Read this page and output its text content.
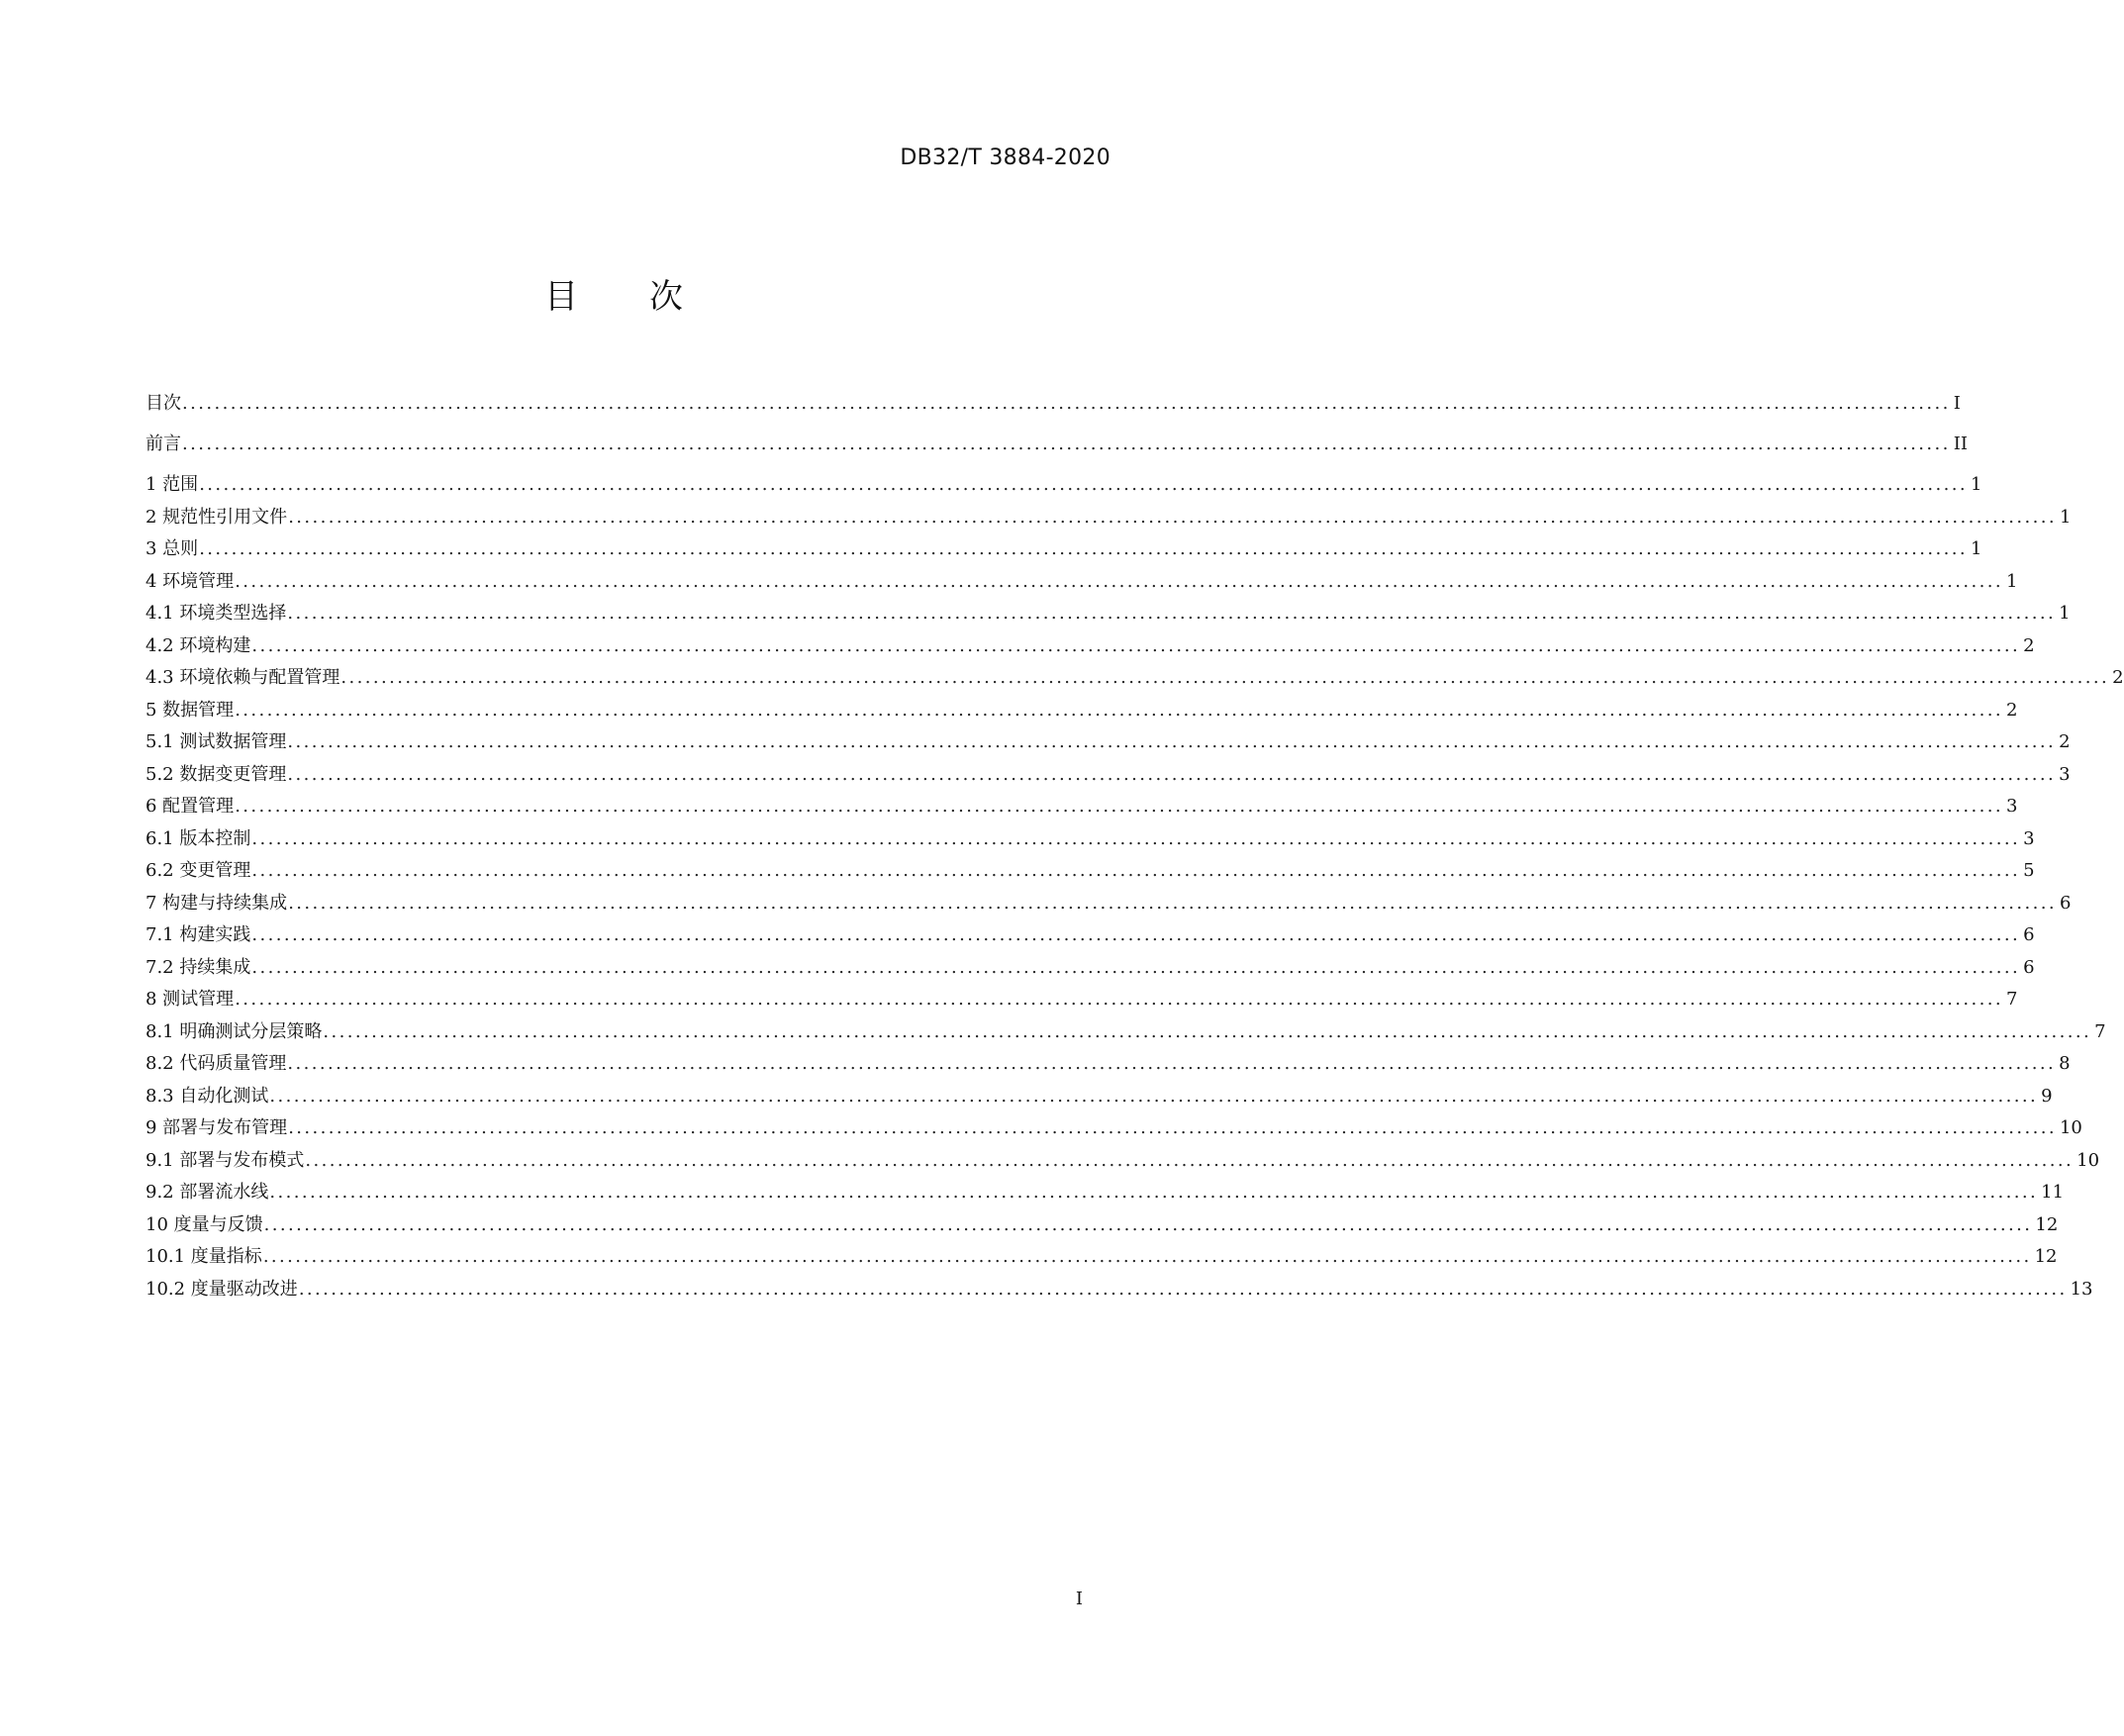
DB32/T 3884-2020
目 次
目次 ............................................................................................................................................................................................................................ I
前言 ............................................................................................................................................................................................................................ II
1 范围 ............................................................................................................................................................................................................................ 1
2 规范性引用文件 ............................................................................................................................................................................................................................ 1
3 总则 ............................................................................................................................................................................................................................ 1
4 环境管理 ............................................................................................................................................................................................................................ 1
4.1 环境类型选择 ............................................................................................................................................................................................................................ 1
4.2 环境构建 ............................................................................................................................................................................................................................ 2
4.3 环境依赖与配置管理 ............................................................................................................................................................................................................................ 2
5 数据管理 ............................................................................................................................................................................................................................ 2
5.1 测试数据管理 ............................................................................................................................................................................................................................ 2
5.2 数据变更管理 ............................................................................................................................................................................................................................ 3
6 配置管理 ............................................................................................................................................................................................................................ 3
6.1 版本控制 ............................................................................................................................................................................................................................ 3
6.2 变更管理 ............................................................................................................................................................................................................................ 5
7 构建与持续集成 ............................................................................................................................................................................................................................ 6
7.1 构建实践 ............................................................................................................................................................................................................................ 6
7.2 持续集成 ............................................................................................................................................................................................................................ 6
8 测试管理 ............................................................................................................................................................................................................................ 7
8.1 明确测试分层策略 ............................................................................................................................................................................................................................ 7
8.2 代码质量管理 ............................................................................................................................................................................................................................ 8
8.3 自动化测试 ............................................................................................................................................................................................................................ 9
9 部署与发布管理 ............................................................................................................................................................................................................................ 10
9.1 部署与发布模式 ............................................................................................................................................................................................................................ 10
9.2 部署流水线 ............................................................................................................................................................................................................................ 11
10 度量与反馈 ............................................................................................................................................................................................................................ 12
10.1 度量指标 ............................................................................................................................................................................................................................ 12
10.2 度量驱动改进 ............................................................................................................................................................................................................................ 13
I
